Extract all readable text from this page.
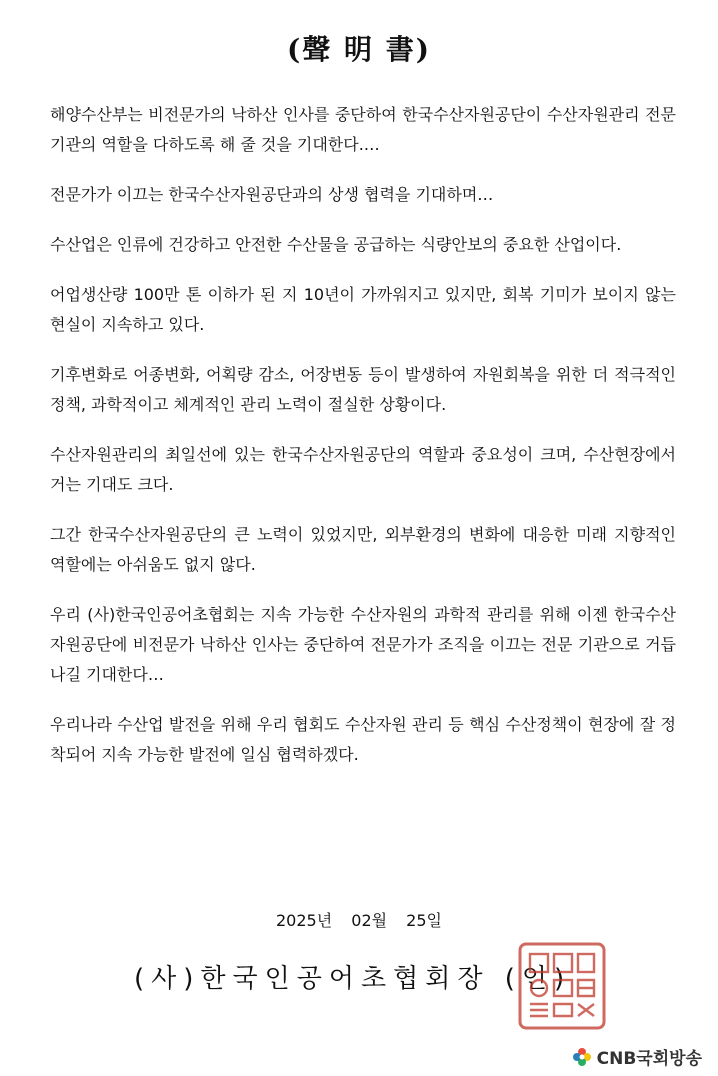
(聲 明 書)

해양수산부는 비전문가의 낙하산 인사를 중단하여 한국수산자원공단이 수산자원관리 전문 기관의 역할을 다하도록 해 줄 것을 기대한다.…

전문가가 이끄는 한국수산자원공단과의 상생 협력을 기대하며…

수산업은 인류에 건강하고 안전한 수산물을 공급하는 식량안보의 중요한 산업이다.

어업생산량 100만 톤 이하가 된 지 10년이 가까워지고 있지만, 회복 기미가 보이지 않는 현실이 지속하고 있다.

기후변화로 어종변화, 어획량 감소, 어장변동 등이 발생하여 자원회복을 위한 더 적극적인 정책, 과학적이고 체계적인 관리 노력이 절실한 상황이다.

수산자원관리의 최일선에 있는 한국수산자원공단의 역할과 중요성이 크며, 수산현장에서 거는 기대도 크다.

그간 한국수산자원공단의 큰 노력이 있었지만, 외부환경의 변화에 대응한 미래 지향적인 역할에는 아쉬움도 없지 않다.

우리 (사)한국인공어초협회는 지속 가능한 수산자원의 과학적 관리를 위해 이젠 한국수산자원공단에 비전문가 낙하산 인사는 중단하여 전문가가 조직을 이끄는 전문 기관으로 거듭나길 기대한다…

우리나라 수산업 발전을 위해 우리 협회도 수산자원 관리 등 핵심 수산정책이 현장에 잘 정착되어 지속 가능한 발전에 일심 협력하겠다.

2025년 02월 25일
(사)한국인공어초협회장 (인)
CNB국회방송
